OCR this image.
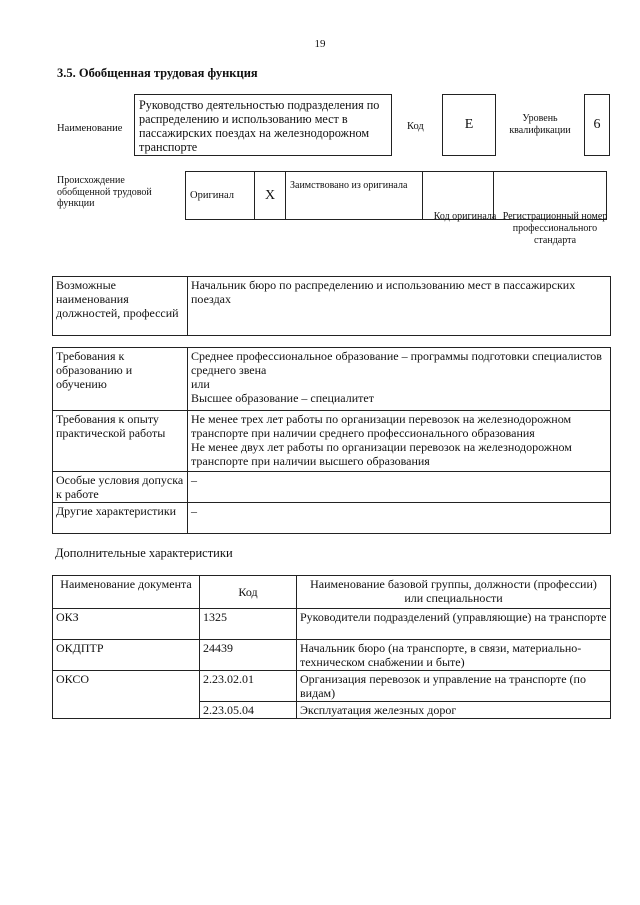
19
3.5. Обобщенная трудовая функция
Наименование
Руководство деятельностью подразделения по распределению и использованию мест в пассажирских поездах на железнодорожном транспорте
Код	E	Уровень квалификации	6
Происхождение обобщенной трудовой функции
Оригинал	X	Заимствовано из оригинала		
Код оригинала Регистрационный номер профессионального стандарта
Возможные наименования должностей, профессий	Начальник бюро по распределению и использованию мест в пассажирских поездах
Требования к образованию и обучению	Среднее профессиональное образование – программы подготовки специалистов среднего звена
или
Высшее образование – специалитет

Требования к опыту практической работы	Не менее трех лет работы по организации перевозок на железнодорожном транспорте при наличии среднего профессионального образования
Не менее двух лет работы по организации перевозок на железнодорожном транспорте при наличии высшего образования

Особые условия допуска к работе	–
Другие характеристики	–
Дополнительные характеристики
Наименование документа	Код	Наименование базовой группы, должности (профессии) или специальности
ОКЗ	1325	Руководители подразделений (управляющие) на транспорте
ОКДПТР	24439	Начальник бюро (на транспорте, в связи, материально-техническом снабжении и быте)
ОКСО	2.23.02.01	Организация перевозок и управление на транспорте (по видам)
	2.23.05.04	Эксплуатация железных дорог
